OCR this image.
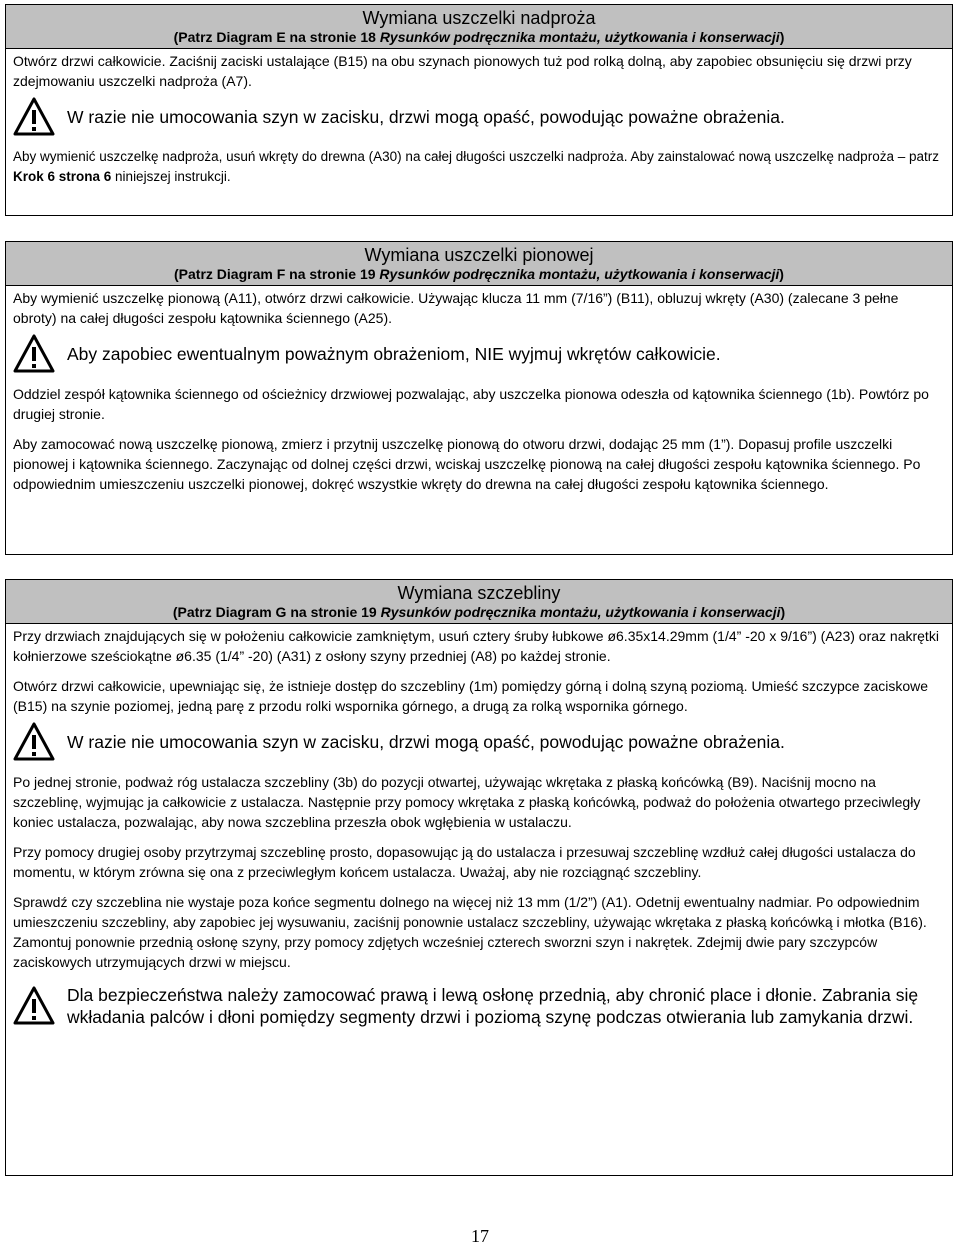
Wymiana uszczelki nadproża
(Patrz Diagram E na stronie 18 Rysunków podręcznika montażu, użytkowania i konserwacji)

Otwórz drzwi całkowicie. Zaciśnij zaciski ustalające (B15) na obu szynach pionowych tuż pod rolką dolną, aby zapobiec obsunięciu się drzwi przy zdejmowaniu uszczelki nadproża (A7).

W razie nie umocowania szyn w zacisku, drzwi mogą opaść, powodując poważne obrażenia.

Aby wymienić uszczelkę nadproża, usuń wkręty do drewna (A30) na całej długości uszczelki nadproża. Aby zainstalować nową uszczelkę nadproża – patrz Krok 6 strona 6 niniejszej instrukcji.

Wymiana uszczelki pionowej
(Patrz Diagram F na stronie 19 Rysunków podręcznika montażu, użytkowania i konserwacji)

Aby wymienić uszczelkę pionową (A11), otwórz drzwi całkowicie. Używając klucza 11 mm (7/16”) (B11), obluzuj wkręty (A30) (zalecane 3 pełne obroty) na całej długości zespołu kątownika ściennego (A25).

Aby zapobiec ewentualnym poważnym obrażeniom, NIE wyjmuj wkrętów całkowicie.

Oddziel zespół kątownika ściennego od ościeżnicy drzwiowej pozwalając, aby uszczelka pionowa odeszła od kątownika ściennego (1b). Powtórz po drugiej stronie.

Aby zamocować nową uszczelkę pionową, zmierz i przytnij uszczelkę pionową do otworu drzwi, dodając 25 mm (1”). Dopasuj profile uszczelki pionowej i kątownika ściennego. Zaczynając od dolnej części drzwi, wciskaj uszczelkę pionową na całej długości zespołu kątownika ściennego. Po odpowiednim umieszczeniu uszczelki pionowej, dokręć wszystkie wkręty do drewna na całej długości zespołu kątownika ściennego.

Wymiana szczebliny
(Patrz Diagram G na stronie 19 Rysunków podręcznika montażu, użytkowania i konserwacji)

Przy drzwiach znajdujących się w położeniu całkowicie zamkniętym, usuń cztery śruby łubkowe ø6.35x14.29mm (1/4” -20 x 9/16”) (A23) oraz nakrętki kołnierzowe sześciokątne ø6.35 (1/4” -20) (A31) z osłony szyny przedniej (A8) po każdej stronie.

Otwórz drzwi całkowicie, upewniając się, że istnieje dostęp do szczebliny (1m) pomiędzy górną i dolną szyną poziomą. Umieść szczypce zaciskowe (B15) na szynie poziomej, jedną parę z przodu rolki wspornika górnego, a drugą za rolką wspornika górnego.

W razie nie umocowania szyn w zacisku, drzwi mogą opaść, powodując poważne obrażenia.

Po jednej stronie, podważ róg ustalacza szczebliny (3b) do pozycji otwartej, używając wkrętaka z płaską końcówką (B9). Naciśnij mocno na szczeblinę, wyjmując ja całkowicie z ustalacza. Następnie przy pomocy wkrętaka z płaską końcówką, podważ do położenia otwartego przeciwległy koniec ustalacza, pozwalając, aby nowa szczeblina przeszła obok wgłębienia w ustalaczu.

Przy pomocy drugiej osoby przytrzymaj szczeblinę prosto, dopasowując ją do ustalacza i przesuwaj szczeblinę wzdłuż całej długości ustalacza do momentu, w którym zrówna się ona z przeciwległym końcem ustalacza. Uważaj, aby nie rozciągnąć szczebliny.

Sprawdź czy szczeblina nie wystaje poza końce segmentu dolnego na więcej niż 13 mm (1/2”) (A1). Odetnij ewentualny nadmiar. Po odpowiednim umieszczeniu szczebliny, aby zapobiec jej wysuwaniu, zaciśnij ponownie ustalacz szczebliny, używając wkrętaka z płaską końcówką i młotka (B16). Zamontuj ponownie przednią osłonę szyny, przy pomocy zdjętych wcześniej czterech sworzni szyn i nakrętek. Zdejmij dwie pary szczypców zaciskowych utrzymujących drzwi w miejscu.

Dla bezpieczeństwa należy zamocować prawą i lewą osłonę przednią, aby chronić place i dłonie. Zabrania się wkładania palców i dłoni pomiędzy segmenty drzwi i poziomą szynę podczas otwierania lub zamykania drzwi.
17
